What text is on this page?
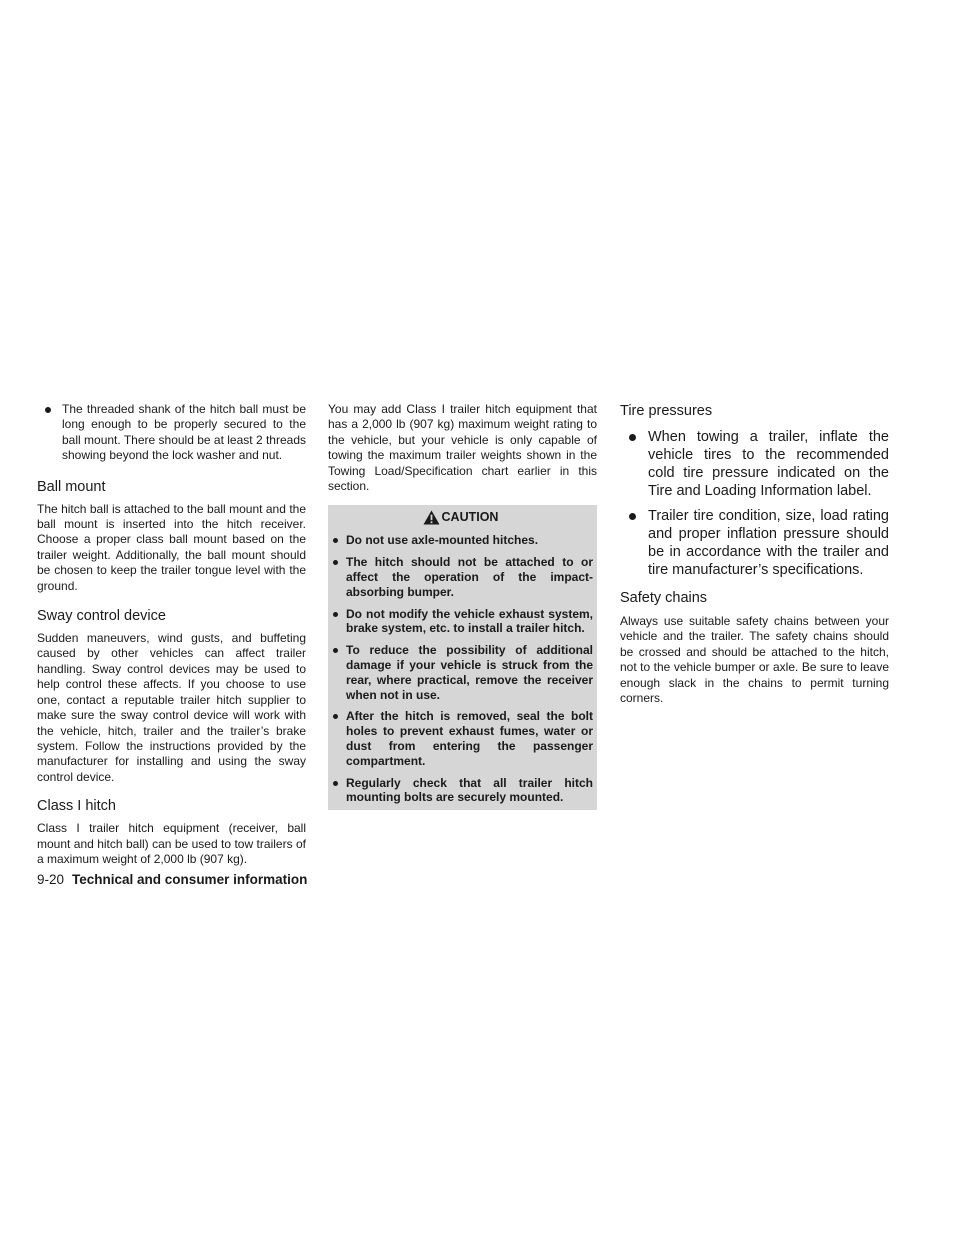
The threaded shank of the hitch ball must be long enough to be properly secured to the ball mount. There should be at least 2 threads showing beyond the lock washer and nut.
Ball mount

The hitch ball is attached to the ball mount and the ball mount is inserted into the hitch receiver. Choose a proper class ball mount based on the trailer weight. Additionally, the ball mount should be chosen to keep the trailer tongue level with the ground.

Sway control device

Sudden maneuvers, wind gusts, and buffeting caused by other vehicles can affect trailer handling. Sway control devices may be used to help control these affects. If you choose to use one, contact a reputable trailer hitch supplier to make sure the sway control device will work with the vehicle, hitch, trailer and the trailer’s brake system. Follow the instructions provided by the manufacturer for installing and using the sway control device.

Class I hitch

Class I trailer hitch equipment (receiver, ball mount and hitch ball) can be used to tow trailers of a maximum weight of 2,000 lb (907 kg).

You may add Class I trailer hitch equipment that has a 2,000 lb (907 kg) maximum weight rating to the vehicle, but your vehicle is only capable of towing the maximum trailer weights shown in the Towing Load/Specification chart earlier in this section.

CAUTION
Do not use axle-mounted hitches.
The hitch should not be attached to or affect the operation of the impact-absorbing bumper.
Do not modify the vehicle exhaust system, brake system, etc. to install a trailer hitch.
To reduce the possibility of additional damage if your vehicle is struck from the rear, where practical, remove the receiver when not in use.
After the hitch is removed, seal the bolt holes to prevent exhaust fumes, water or dust from entering the passenger compartment.
Regularly check that all trailer hitch mounting bolts are securely mounted.
Tire pressures
When towing a trailer, inflate the vehicle tires to the recommended cold tire pressure indicated on the Tire and Loading Information label.
Trailer tire condition, size, load rating and proper inflation pressure should be in accordance with the trailer and tire manufacturer’s specifications.
Safety chains

Always use suitable safety chains between your vehicle and the trailer. The safety chains should be crossed and should be attached to the hitch, not to the vehicle bumper or axle. Be sure to leave enough slack in the chains to permit turning corners.

9-20 Technical and consumer information
